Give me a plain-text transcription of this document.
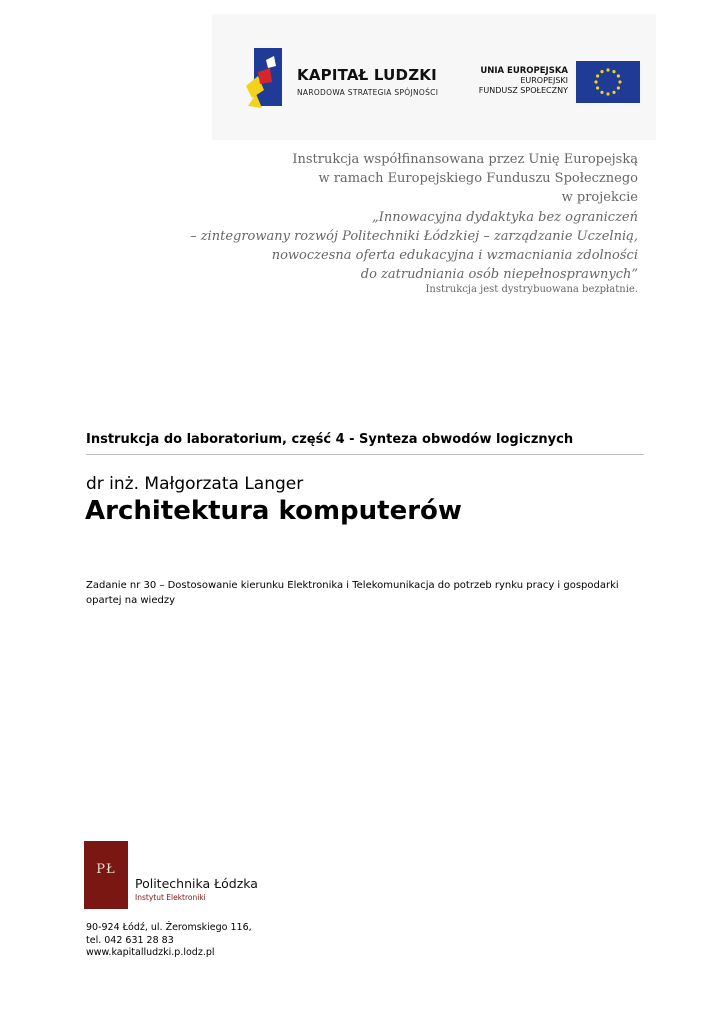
KAPITAŁ LUDZKI
NARODOWA STRATEGIA SPÓJNOŚCI
UNIA EUROPEJSKA
EUROPEJSKI
FUNDUSZ SPOŁECZNY
Instrukcja współfinansowana przez Unię Europejską
w ramach Europejskiego Funduszu Społecznego
w projekcie
„Innowacyjna dydaktyka bez ograniczeń
– zintegrowany rozwój Politechniki Łódzkiej – zarządzanie Uczelnią,
nowoczesna oferta edukacyjna i wzmacniania zdolności
do zatrudniania osób niepełnosprawnych”
Instrukcja jest dystrybuowana bezpłatnie.
Instrukcja do laboratorium, część 4 - Synteza obwodów logicznych
dr inż. Małgorzata Langer
Architektura komputerów
Zadanie nr 30 – Dostosowanie kierunku Elektronika i Telekomunikacja do potrzeb rynku pracy i gospodarki
opartej na wiedzy
PŁ
Politechnika Łódzka
Instytut Elektroniki
90-924 Łódź, ul. Żeromskiego 116,
tel. 042 631 28 83
www.kapitalludzki.p.lodz.pl
